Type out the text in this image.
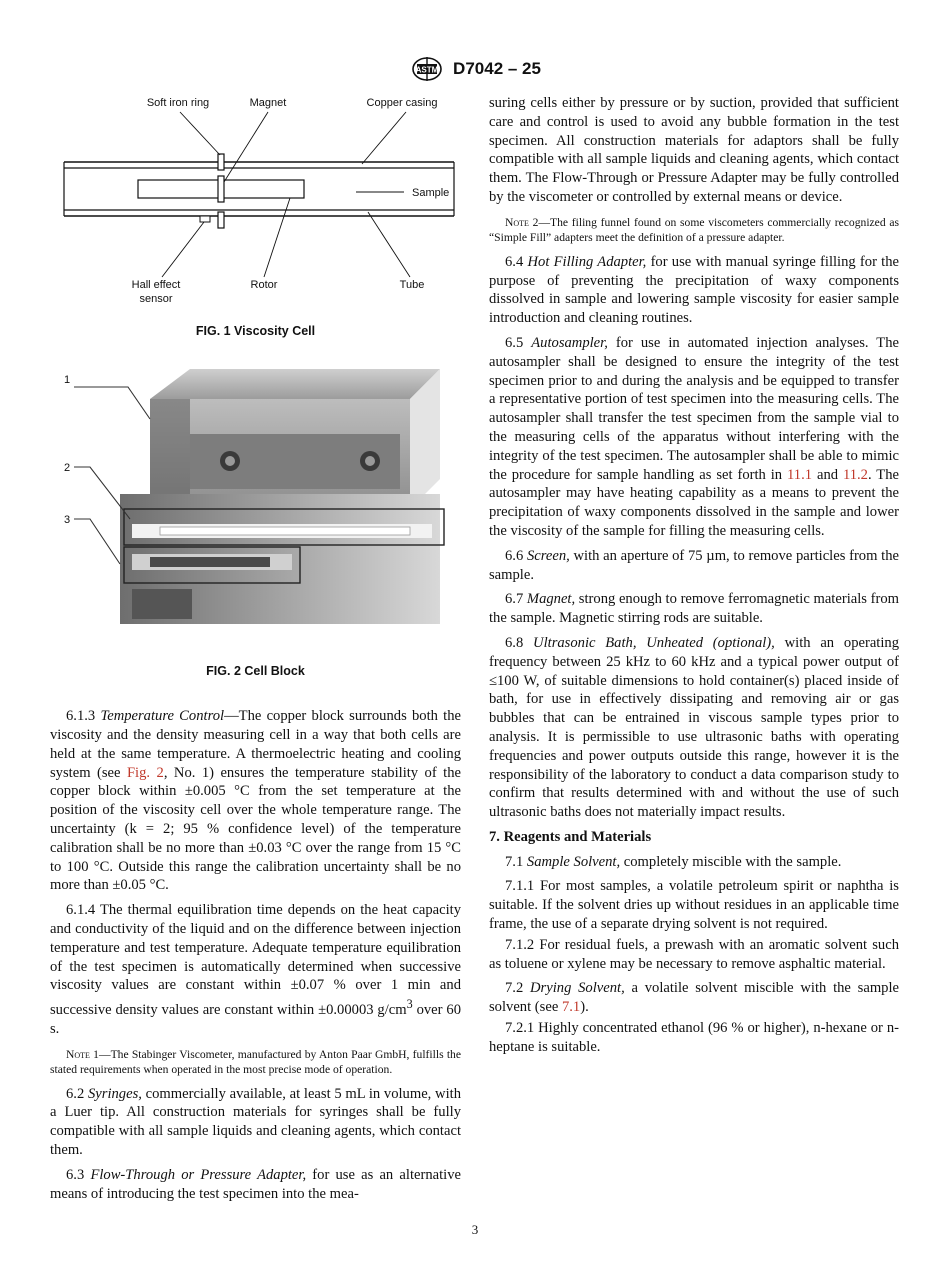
ASTM D7042 – 25
Soft iron ring	Magnet	Copper casing
Sample
Hall effect
sensor
Rotor	Tube
FIG. 1 Viscosity Cell
1
2
3
FIG. 2 Cell Block

6.1.3 Temperature Control—The copper block surrounds both the viscosity and the density measuring cell in a way that both cells are held at the same temperature. A thermoelectric heating and cooling system (see Fig. 2, No. 1) ensures the temperature stability of the copper block within ±0.005 °C from the set temperature at the position of the viscosity cell over the whole temperature range. The uncertainty (k = 2; 95 % confidence level) of the temperature calibration shall be no more than ±0.03 °C over the range from 15 °C to 100 °C. Outside this range the calibration uncertainty shall be no more than ±0.05 °C.

6.1.4 The thermal equilibration time depends on the heat capacity and conductivity of the liquid and on the difference between injection temperature and test temperature. Adequate temperature equilibration of the test specimen is automatically determined when successive viscosity values are constant within ±0.07 % over 1 min and successive density values are constant within ±0.00003 $g/cm^3$ over 60 s.

Note 1—The Stabinger Viscometer, manufactured by Anton Paar GmbH, fulfills the stated requirements when operated in the most precise mode of operation.

6.2 Syringes, commercially available, at least 5 mL in volume, with a Luer tip. All construction materials for syringes shall be fully compatible with all sample liquids and cleaning agents, which contact them.

6.3 Flow-Through or Pressure Adapter, for use as an alternative means of introducing the test specimen into the mea-

suring cells either by pressure or by suction, provided that sufficient care and control is used to avoid any bubble formation in the test specimen. All construction materials for adaptors shall be fully compatible with all sample liquids and cleaning agents, which contact them. The Flow-Through or Pressure Adapter may be fully controlled by the viscometer or controlled by external means or device.

Note 2—The filing funnel found on some viscometers commercially recognized as “Simple Fill” adapters meet the definition of a pressure adapter.

6.4 Hot Filling Adapter, for use with manual syringe filling for the purpose of preventing the precipitation of waxy components dissolved in sample and lowering sample viscosity for easier sample introduction and cleaning routines.

6.5 Autosampler, for use in automated injection analyses. The autosampler shall be designed to ensure the integrity of the test specimen prior to and during the analysis and be equipped to transfer a representative portion of test specimen into the measuring cells. The autosampler shall transfer the test specimen from the sample vial to the measuring cells of the apparatus without interfering with the integrity of the test specimen. The autosampler shall be able to mimic the procedure for sample handling as set forth in 11.1 and 11.2. The autosampler may have heating capability as a means to prevent the precipitation of waxy components dissolved in the sample and lower the viscosity of the sample for filling the measuring cells.

6.6 Screen, with an aperture of 75 µm, to remove particles from the sample.

6.7 Magnet, strong enough to remove ferromagnetic materials from the sample. Magnetic stirring rods are suitable.

6.8 Ultrasonic Bath, Unheated (optional), with an operating frequency between 25 kHz to 60 kHz and a typical power output of ≤100 W, of suitable dimensions to hold container(s) placed inside of bath, for use in effectively dissipating and removing air or gas bubbles that can be entrained in viscous sample types prior to analysis. It is permissible to use ultrasonic baths with operating frequencies and power outputs outside this range, however it is the responsibility of the laboratory to conduct a data comparison study to confirm that results determined with and without the use of such ultrasonic baths does not materially impact results.

7. Reagents and Materials

7.1 Sample Solvent, completely miscible with the sample.

7.1.1 For most samples, a volatile petroleum spirit or naphtha is suitable. If the solvent dries up without residues in an applicable time frame, the use of a separate drying solvent is not required.

7.1.2 For residual fuels, a prewash with an aromatic solvent such as toluene or xylene may be necessary to remove asphaltic material.

7.2 Drying Solvent, a volatile solvent miscible with the sample solvent (see 7.1).

7.2.1 Highly concentrated ethanol (96 % or higher), n-hexane or n-heptane is suitable.

3
